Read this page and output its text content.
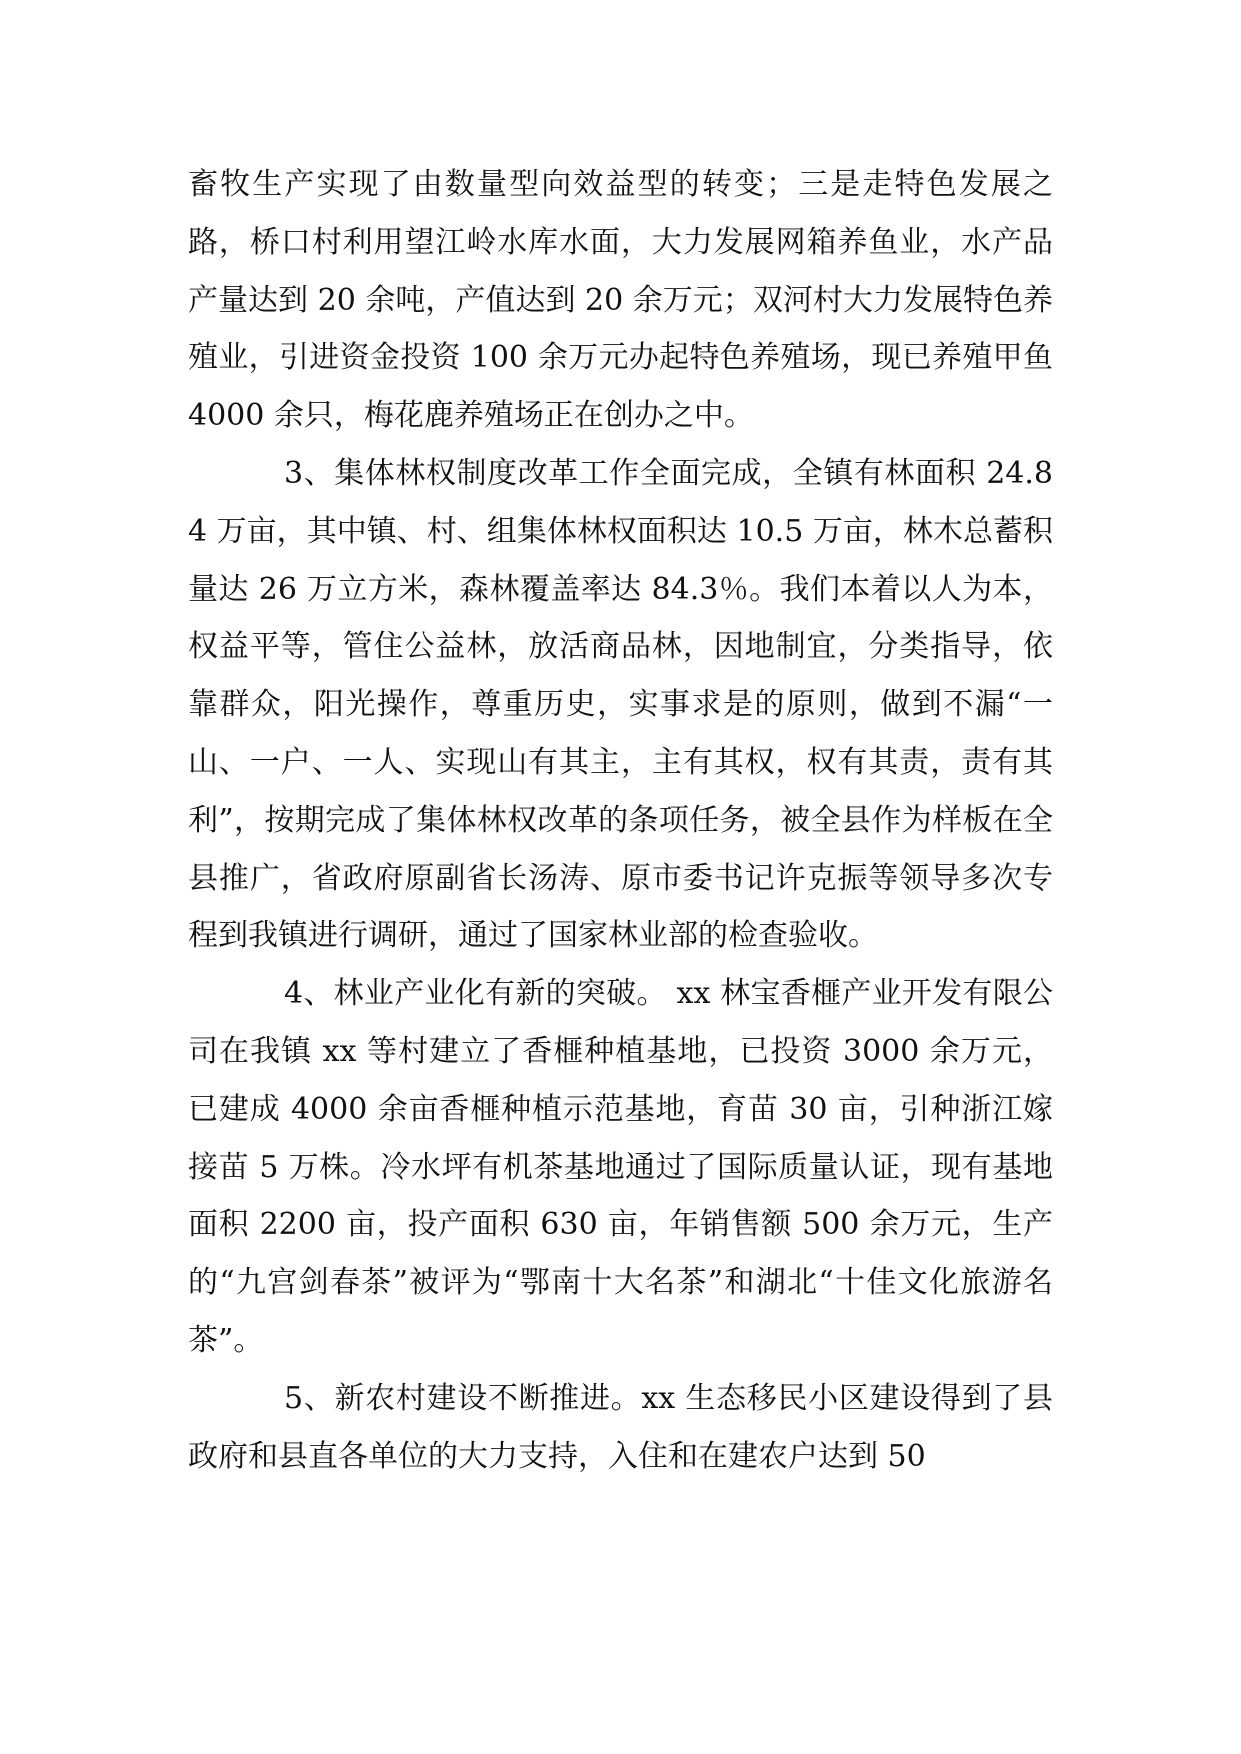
畜牧生产实现了由数量型向效益型的转变；三是走特色发展之路，桥口村利用望江岭水库水面，大力发展网箱养鱼业，水产品产量达到 20 余吨，产值达到 20 余万元；双河村大力发展特色养殖业，引进资金投资 100 余万元办起特色养殖场，现已养殖甲鱼 4000 余只，梅花鹿养殖场正在创办之中。

3、集体林权制度改革工作全面完成，全镇有林面积 24.84 万亩，其中镇、村、组集体林权面积达 10.5 万亩，林木总蓄积量达 26 万立方米，森林覆盖率达 84.3％。我们本着以人为本，权益平等，管住公益林，放活商品林，因地制宜，分类指导，依靠群众，阳光操作，尊重历史，实事求是的原则，做到不漏“一山、一户、一人、实现山有其主，主有其权，权有其责，责有其利”，按期完成了集体林权改革的条项任务，被全县作为样板在全县推广，省政府原副省长汤涛、原市委书记许克振等领导多次专程到我镇进行调研，通过了国家林业部的检查验收。

4、林业产业化有新的突破。 xx 林宝香榧产业开发有限公司在我镇 xx 等村建立了香榧种植基地，已投资 3000 余万元，已建成 4000 余亩香榧种植示范基地，育苗 30 亩，引种浙江嫁接苗 5 万株。冷水坪有机茶基地通过了国际质量认证，现有基地面积 2200 亩，投产面积 630 亩，年销售额 500 余万元，生产的“九宫剑春茶”被评为“鄂南十大名茶”和湖北“十佳文化旅游名茶”。

5、新农村建设不断推进。xx 生态移民小区建设得到了县政府和县直各单位的大力支持，入住和在建农户达到 50
